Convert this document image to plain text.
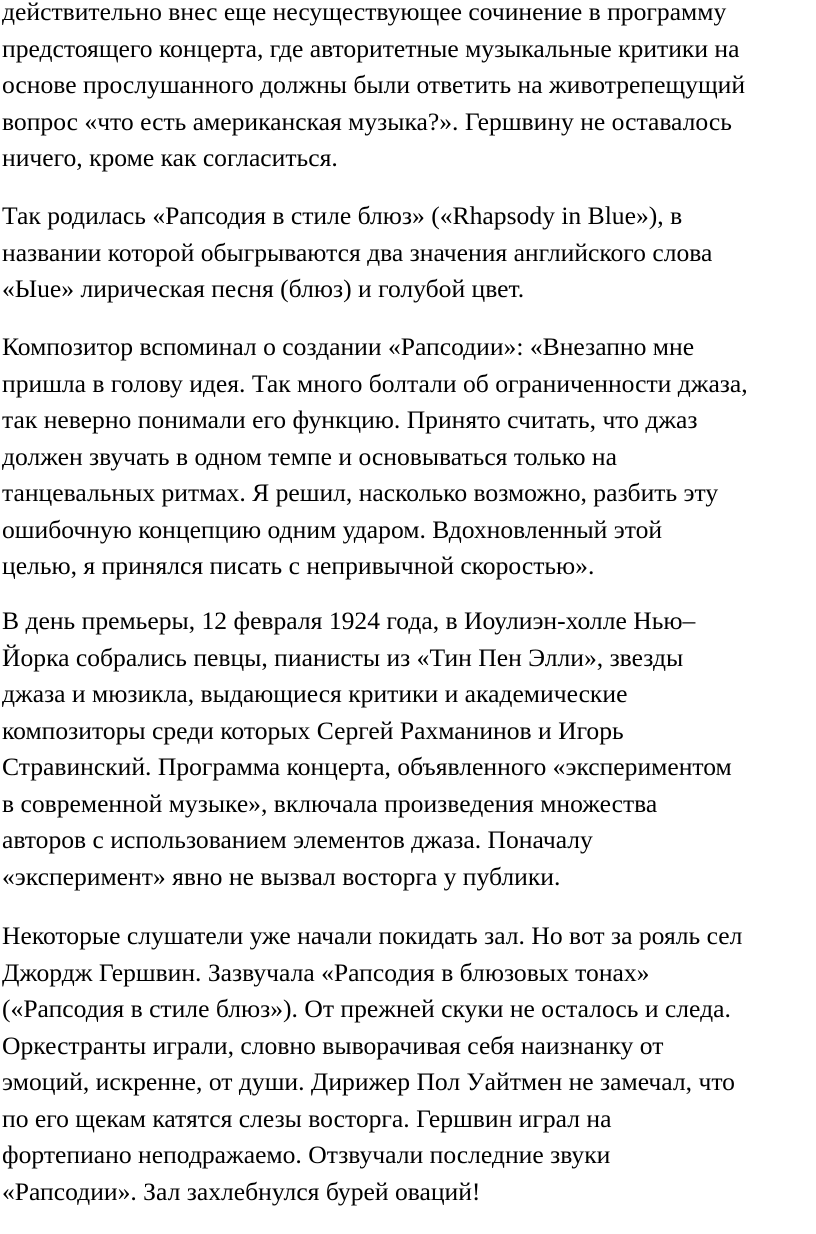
действительно внес еще несуществующее сочинение в программу
предстоящего концерта, где авторитетные музыкальные критики на
основе прослушанного должны были ответить на животрепещущий
вопрос «что есть американская музыка?». Гершвину не оставалось
ничего, кроме как согласиться.

Так родилась «Рапсодия в стиле блюз» («Rhapsody in Blue»), в
названии которой обыгрываются два значения английского слова
«Ыue» лирическая песня (блюз) и голубой цвет.

Композитор вспоминал о создании «Рапсодии»: «Внезапно мне
пришла в голову идея. Так много болтали об ограниченности джаза,
так неверно понимали его функцию. Принято считать, что джаз
должен звучать в одном темпе и основываться только на
танцевальных ритмах. Я решил, насколько возможно, разбить эту
ошибочную концепцию одним ударом. Вдохновленный этой
целью, я принялся писать с непривычной скоростью».

В день премьеры, 12 февраля 1924 года, в Иоулиэн-холле Нью–
Йорка собрались певцы, пианисты из «Тин Пен Элли», звезды
джаза и мюзикла, выдающиеся критики и академические
композиторы среди которых Сергей Рахманинов и Игорь
Стравинский. Программа концерта, объявленного «экспериментом
в современной музыке», включала произведения множества
авторов с использованием элементов джаза. Поначалу
«эксперимент» явно не вызвал восторга у публики.

Некоторые слушатели уже начали покидать зал. Но вот за рояль сел
Джордж Гершвин. Зазвучала «Рапсодия в блюзовых тонах»
(«Рапсодия в стиле блюз»). От прежней скуки не осталось и следа.
Оркестранты играли, словно выворачивая себя наизнанку от
эмоций, искренне, от души. Дирижер Пол Уайтмен не замечал, что
по его щекам катятся слезы восторга. Гершвин играл на
фортепиано неподражаемо. Отзвучали последние звуки
«Рапсодии». Зал захлебнулся бурей оваций!
